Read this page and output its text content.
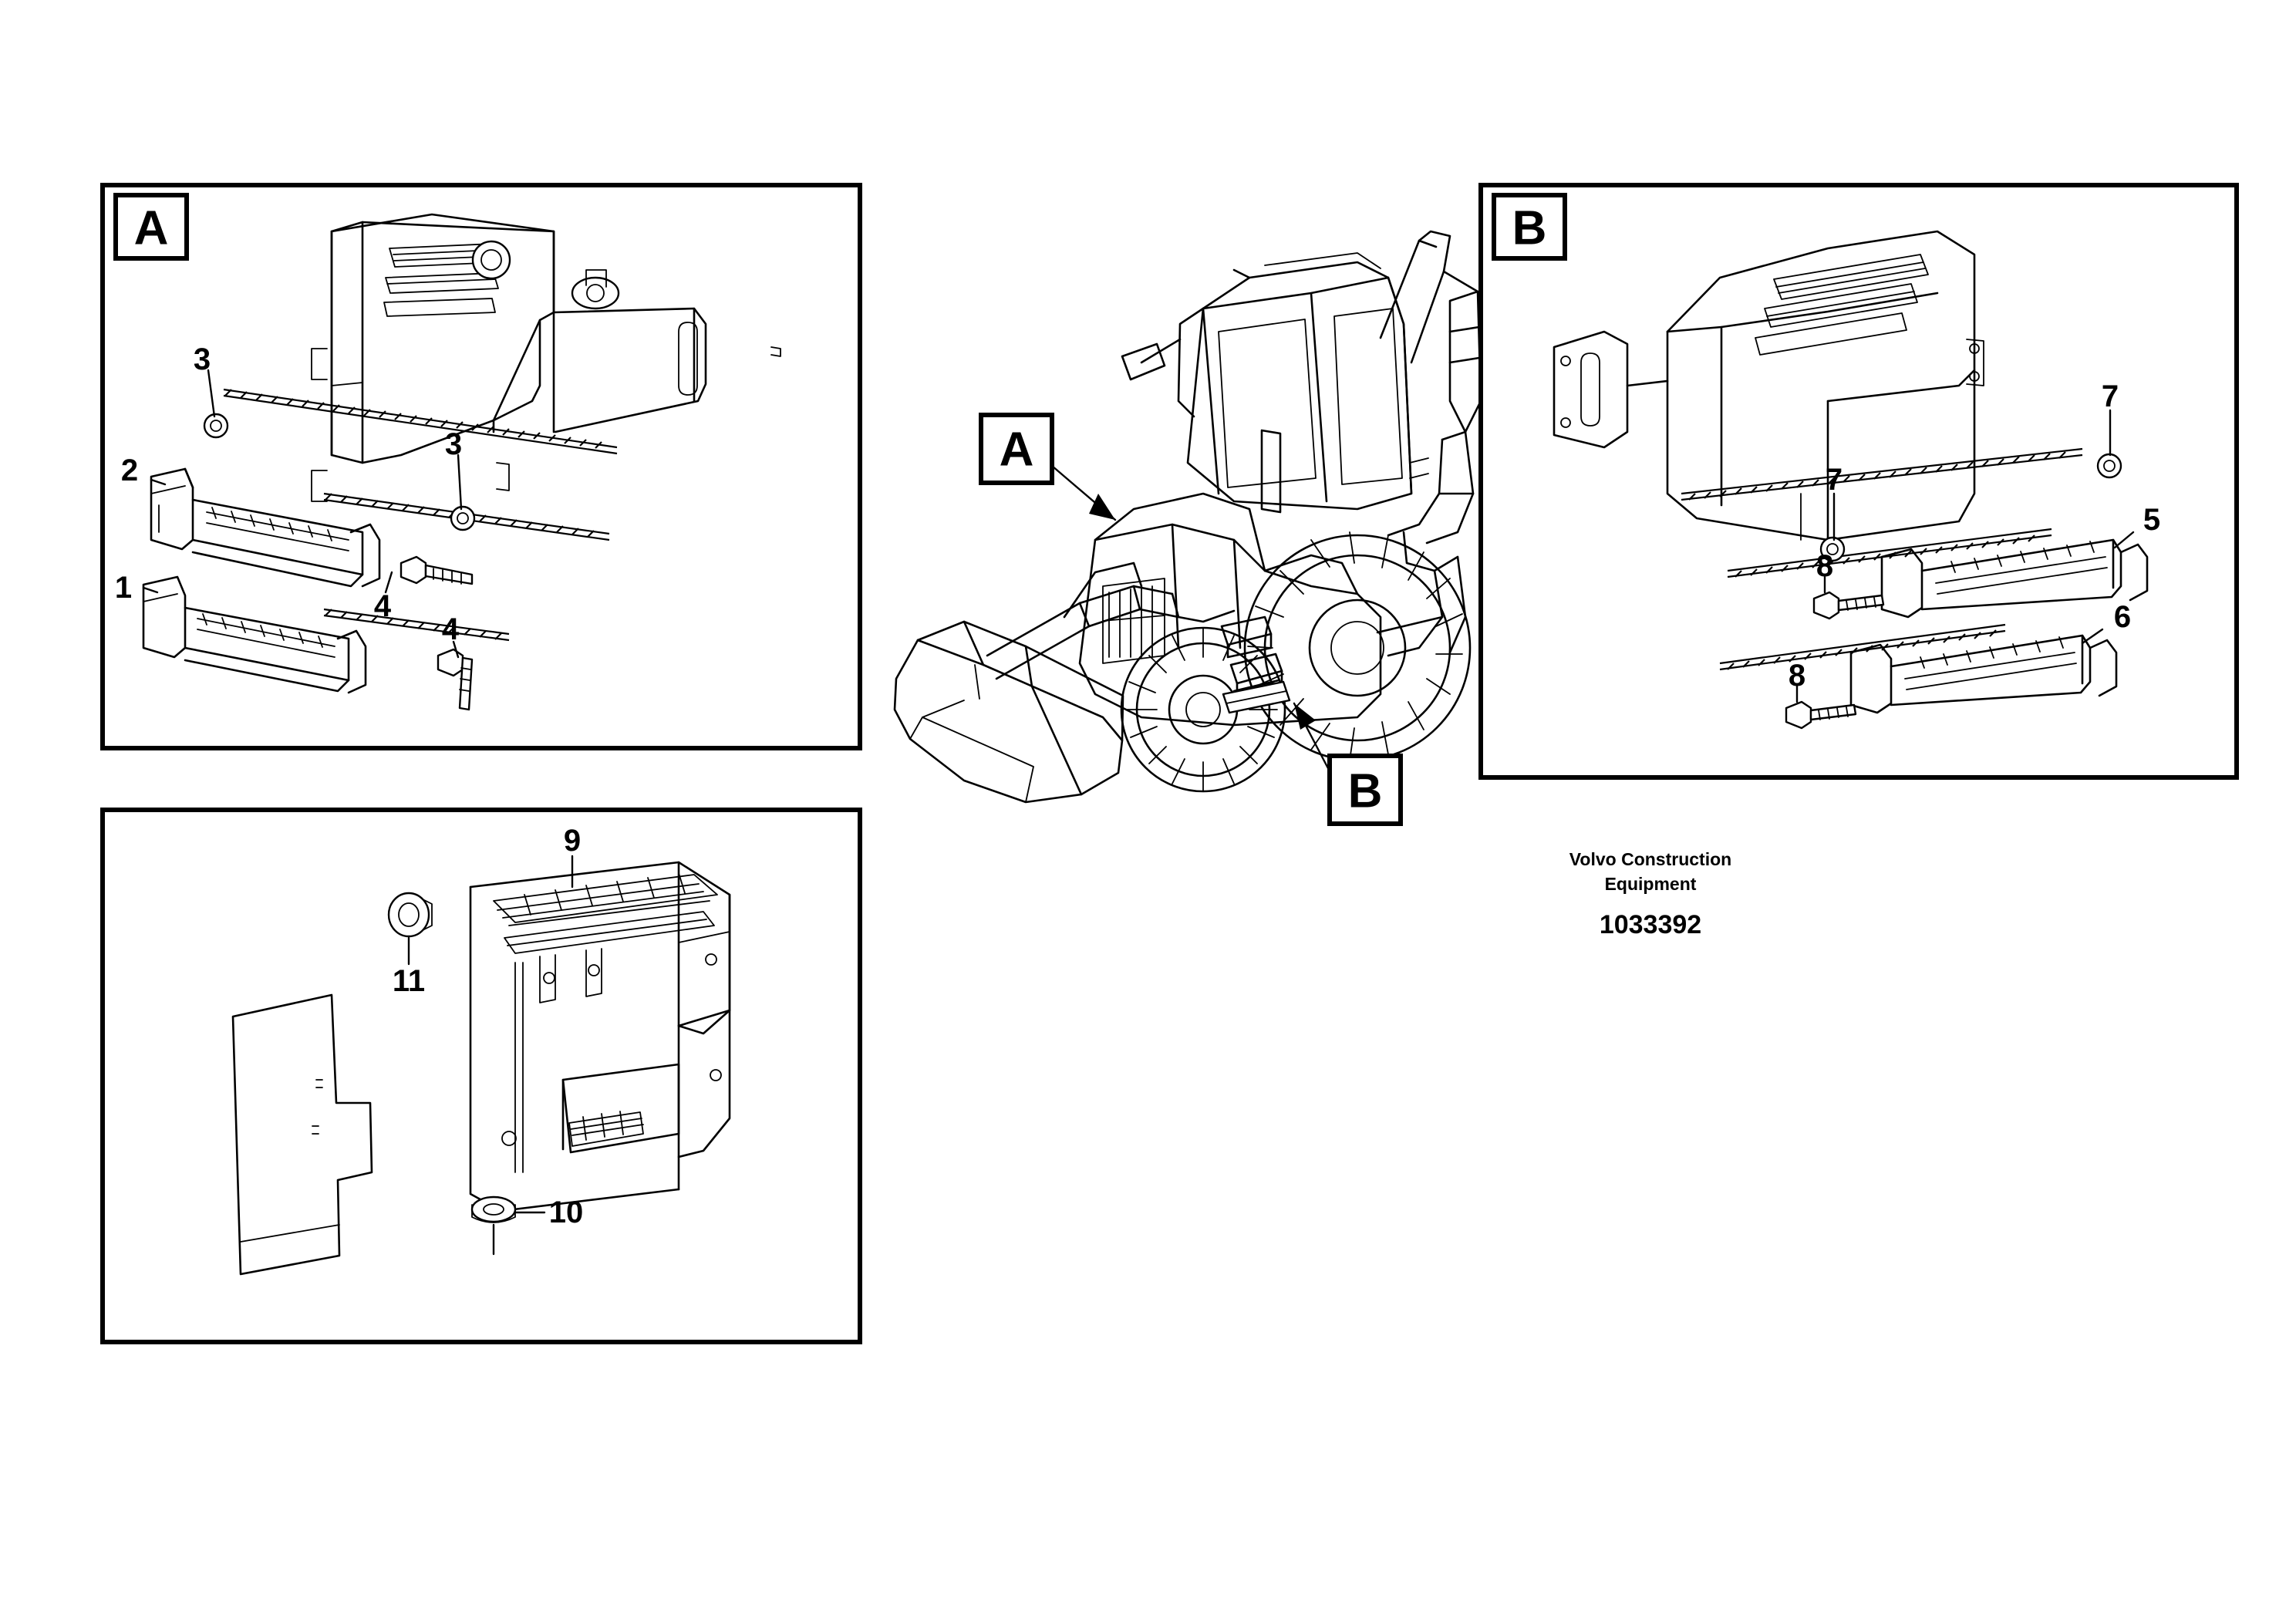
A
3
3
2
1
4
4
B
7
7
5
6
8
8
11
10
9
A
B
Volvo Construction
Equipment
1033392
